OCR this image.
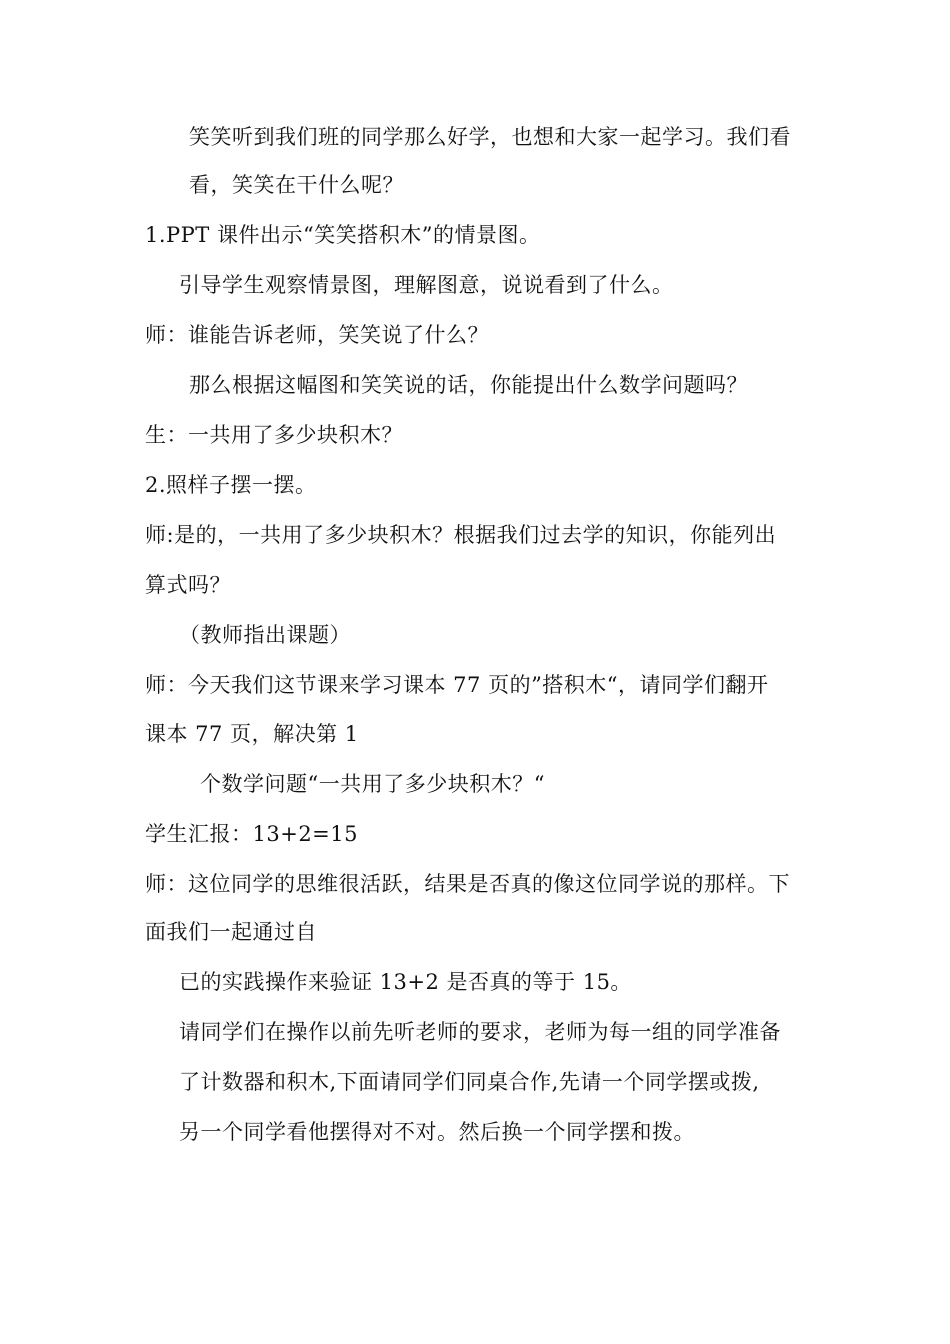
笑笑听到我们班的同学那么好学，也想和大家一起学习。我们看
看，笑笑在干什么呢？
1.PPT 课件出示“笑笑搭积木”的情景图。
引导学生观察情景图，理解图意，说说看到了什么。
师：谁能告诉老师，笑笑说了什么？
那么根据这幅图和笑笑说的话，你能提出什么数学问题吗？
生：一共用了多少块积木？
2.照样子摆一摆。
师:是的，一共用了多少块积木？根据我们过去学的知识，你能列出
算式吗？
（教师指出课题）
师：今天我们这节课来学习课本 77 页的”搭积木“，请同学们翻开
课本 77 页，解决第 1
个数学问题“一共用了多少块积木？“
学生汇报：13+2=15
师：这位同学的思维很活跃，结果是否真的像这位同学说的那样。下
面我们一起通过自
已的实践操作来验证 13+2 是否真的等于 15。
请同学们在操作以前先听老师的要求，老师为每一组的同学准备
了计数器和积木,下面请同学们同桌合作,先请一个同学摆或拨,
另一个同学看他摆得对不对。然后换一个同学摆和拨。
